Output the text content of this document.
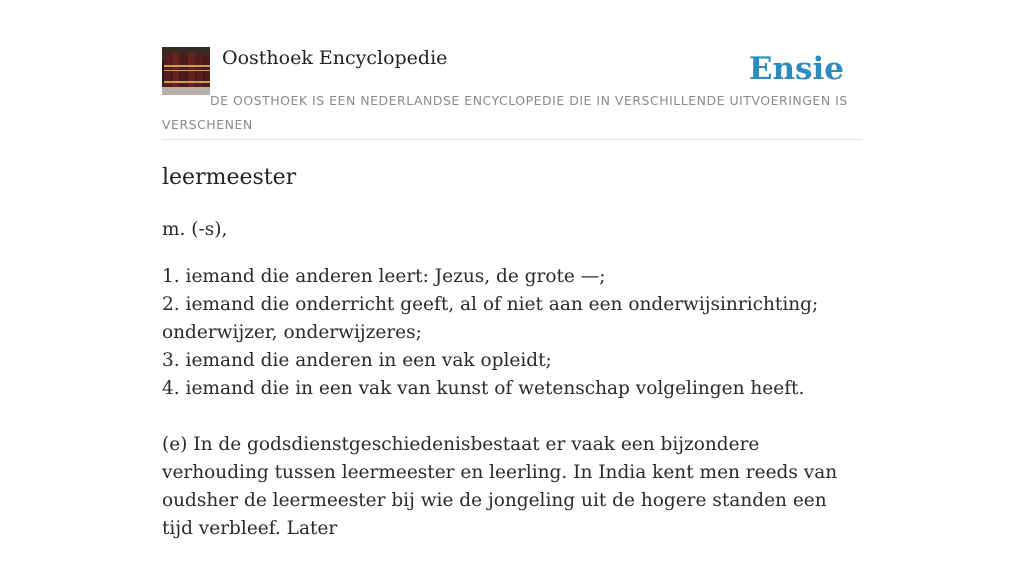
Oosthoek Encyclopedie	Ensie
DE OOSTHOEK IS EEN NEDERLANDSE ENCYCLOPEDIE DIE IN VERSCHILLENDE UITVOERINGEN IS VERSCHENEN
leermeester

m. (-s),

1. iemand die anderen leert: Jezus, de grote —;
2. iemand die onderricht geeft, al of niet aan een onderwijsinrichting; onderwijzer, onderwijzeres;
3. iemand die anderen in een vak opleidt;
4. iemand die in een vak van kunst of wetenschap volgelingen heeft.

(e) In de godsdienstgeschiedenisbestaat er vaak een bijzondere verhouding tussen leermeester en leerling. In India kent men reeds van oudsher de leermeester bij wie de jongeling uit de hogere standen een tijd verbleef. Later
